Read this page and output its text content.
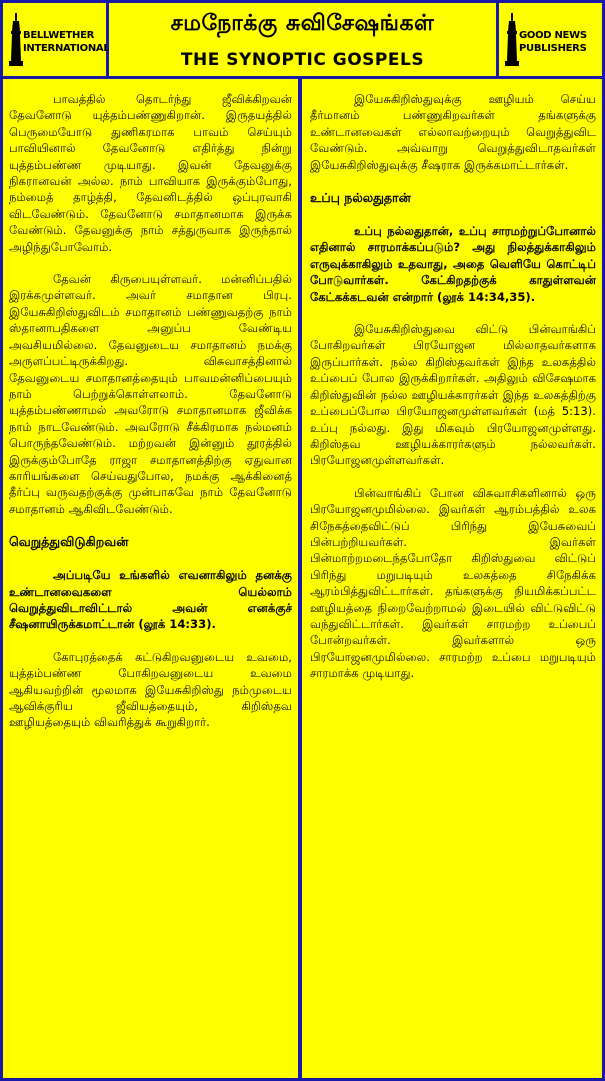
BELLWETHER
INTERNATIONAL
சமநோக்கு சுவிசேஷங்கள்
THE SYNOPTIC GOSPELS
GOOD NEWS
PUBLISHERS

பாவத்தில் தொடர்ந்து ஜீவிக்கிறவன் தேவனோடு யுத்தம்பண்ணுகிறான். இருதயத்தில் பெருமையோடு துணிகரமாக பாவம் செய்யும் பாவியினால் தேவனோடு எதிர்த்து நின்று யுத்தம்பண்ண முடியாது. இவன் தேவனுக்கு நிகரானவன் அல்ல. நாம் பாவியாக இருக்கும்போது, நம்மைத் தாழ்த்தி, தேவனிடத்தில் ஒப்புரவாகி விடவேண்டும். தேவனோடு சமாதானமாக இருக்க வேண்டும். தேவனுக்கு நாம் சத்துருவாக இருந்தால் அழிந்துபோவோம்.

தேவன் கிருபையுள்ளவர். மன்னிப்பதில் இரக்கமுள்ளவர். அவர் சமாதான பிரபு. இயேசுகிறிஸ்துவிடம் சமாதானம் பண்ணுவதற்கு நாம் ஸ்தானாபதிகளை அனுப்ப வேண்டிய அவசியமில்லை. தேவனுடைய சமாதானம் நமக்கு அருளப்பட்டிருக்கிறது. விசுவாசத்தினால் தேவனுடைய சமாதானத்தையும் பாவமன்னிப்பையும் நாம் பெற்றுக்கொள்ளலாம். தேவனோடு யுத்தம்பண்ணாமல் அவரோடு சமாதானமாக ஜீவிக்க நாம் நாடவேண்டும். அவரோடு சீக்கிரமாக நல்மனம் பொருந்தவேண்டும். மற்றவன் இன்னும் தூரத்தில் இருக்கும்போதே ராஜா சமாதானத்திற்கு ஏதுவான காரியங்களை செய்வதுபோல, நமக்கு ஆக்கினைத் தீர்ப்பு வருவதற்குக்கு முன்பாகவே நாம் தேவனோடு சமாதானம் ஆகிவிடவேண்டும்.

வெறுத்துவிடுகிறவன்

அப்படியே உங்களில் எவனாகிலும் தனக்கு உண்டானவைகளை யெல்லாம் வெறுத்துவிடாவிட்டால் அவன் எனக்குச் சீஷனாயிருக்கமாட்டான் (லூக் 14:33).

கோபுரத்தைக் கட்டுகிறவனுடைய உவமை, யுத்தம்பண்ண போகிறவனுடைய உவமை ஆகியவற்றின் மூலமாக இயேசுகிறிஸ்து நம்முடைய ஆவிக்குரிய ஜீவியத்தையும், கிறிஸ்தவ ஊழியத்தையும் விவரித்துக் கூறுகிறார்.

இயேசுகிறிஸ்துவுக்கு ஊழியம் செய்ய தீர்மானம் பண்ணுகிறவர்கள் தங்களுக்கு உண்டானவைகள் எல்லாவற்றையும் வெறுத்துவிட வேண்டும். அவ்வாறு வெறுத்துவிடாதவர்கள் இயேசுகிறிஸ்துவுக்கு சீஷராக இருக்கமாட்டார்கள்.

உப்பு நல்லதுதான்

உப்பு நல்லதுதான், உப்பு சாரமற்றுப்போனால் எதினால் சாரமாக்கப்படும்? அது நிலத்துக்காகிலும் எருவுக்காகிலும் உதவாது, அதை வெளியே கொட்டிப் போடுவார்கள். கேட்கிறதற்குக் காதுள்ளவன் கேட்கக்கடவன் என்றார் (லூக் 14:34,35).

இயேசுகிறிஸ்துவை விட்டு பின்வாங்கிப் போகிறவர்கள் பிரயோஜன மில்லாதவர்களாக இருப்பார்கள். நல்ல கிறிஸ்தவர்கள் இந்த உலகத்தில் உப்பைப் போல இருக்கிறார்கள். அதிலும் விசேஷமாக கிறிஸ்துவின் நல்ல ஊழியக்காரர்கள் இந்த உலகத்திற்கு உப்பைப்போல பிரயோஜனமுள்ளவர்கள் (மத் 5:13). உப்பு நல்லது. இது மிகவும் பிரயோஜனமுள்ளது. கிறிஸ்தவ ஊழியக்காரர்களும் நல்லவர்கள். பிரயோஜனமுள்ளவர்கள்.

பின்வாங்கிப் போன விசுவாசிகளினால் ஒரு பிரயோஜனமுமில்லை. இவர்கள் ஆரம்பத்தில் உலக சிநேகத்தைவிட்டுப் பிரிந்து இயேசுவைப் பின்பற்றியவர்கள். இவர்கள் பின்மாற்றமடைந்தபோதோ கிறிஸ்துவை விட்டுப் பிரிந்து மறுபடியும் உலகத்தை சிநேகிக்க ஆரம்பித்துவிட்டார்கள். தங்களுக்கு நியமிக்கப்பட்ட ஊழியத்தை நிறைவேற்றாமல் இடையில் விட்டுவிட்டு வந்துவிட்டார்கள். இவர்கள் சாரமற்ற உப்பைப் போன்றவர்கள். இவர்களால் ஒரு பிரயோஜனமுமில்லை. சாரமற்ற உப்பை மறுபடியும் சாரமாக்க முடியாது.
